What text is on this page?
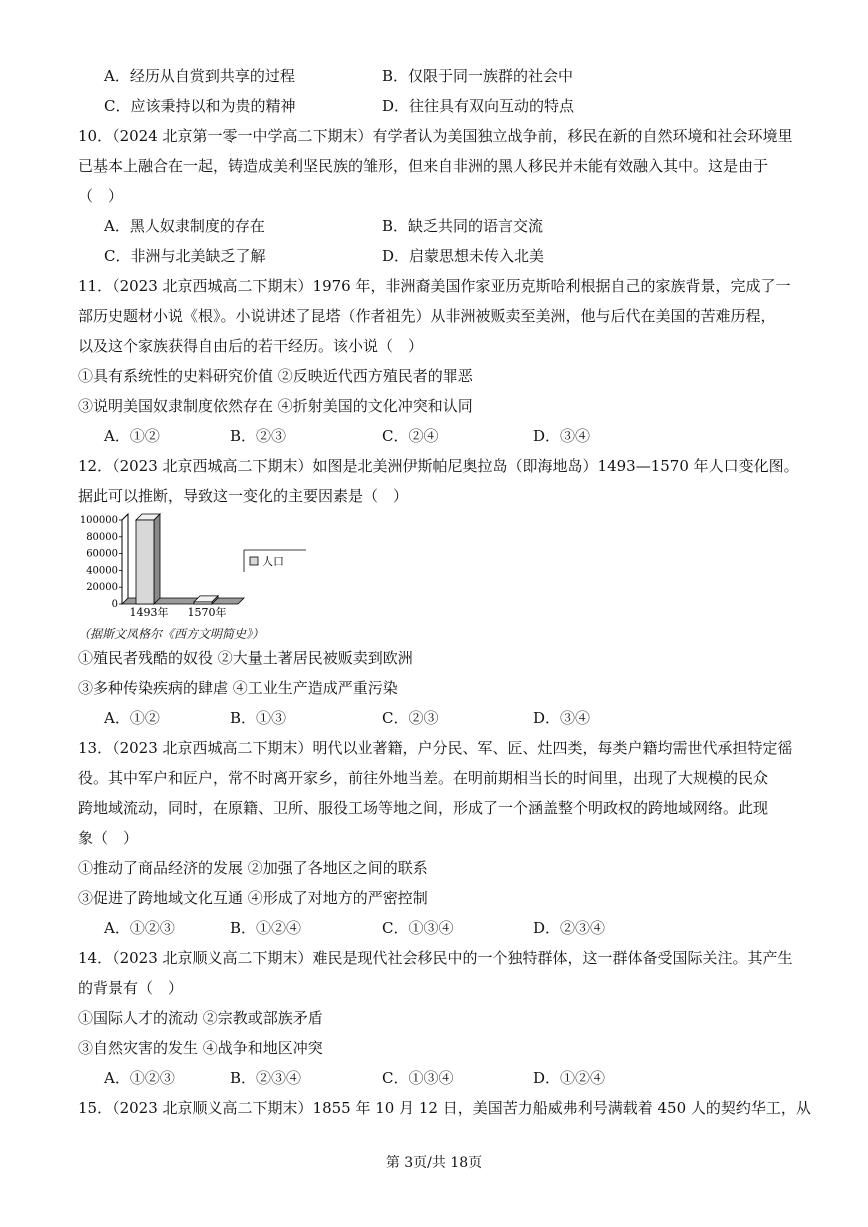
A．经历从自赏到共享的过程	B．仅限于同一族群的社会中
C．应该秉持以和为贵的精神	D．往往具有双向互动的特点
10．（2024 北京第一零一中学高二下期末）有学者认为美国独立战争前，移民在新的自然环境和社会环境里
已基本上融合在一起，铸造成美利坚民族的雏形，但来自非洲的黑人移民并未能有效融入其中。这是由于
（　）
A．黑人奴隶制度的存在	B．缺乏共同的语言交流
C．非洲与北美缺乏了解	D．启蒙思想未传入北美
11．（2023 北京西城高二下期末）1976 年，非洲裔美国作家亚历克斯哈利根据自己的家族背景，完成了一
部历史题材小说《根》。小说讲述了昆塔（作者祖先）从非洲被贩卖至美洲，他与后代在美国的苦难历程，
以及这个家族获得自由后的若干经历。该小说（　）
①具有系统性的史料研究价值 ②反映近代西方殖民者的罪恶
③说明美国奴隶制度依然存在 ④折射美国的文化冲突和认同
A．①②	B．②③	C．②④	D．③④
12．（2023 北京西城高二下期末）如图是北美洲伊斯帕尼奥拉岛（即海地岛）1493—1570 年人口变化图。
据此可以推断，导致这一变化的主要因素是（　）
100000
80000
60000
40000
20000
0
1493年 1570年
人口
（据斯文凤格尔《西方文明简史》）
①殖民者残酷的奴役 ②大量土著居民被贩卖到欧洲
③多种传染疾病的肆虐 ④工业生产造成严重污染
A．①②	B．①③	C．②③	D．③④
13．（2023 北京西城高二下期末）明代以业著籍，户分民、军、匠、灶四类，每类户籍均需世代承担特定徭
役。其中军户和匠户，常不时离开家乡，前往外地当差。在明前期相当长的时间里，出现了大规模的民众
跨地域流动，同时，在原籍、卫所、服役工场等地之间，形成了一个涵盖整个明政权的跨地域网络。此现
象（　）
①推动了商品经济的发展 ②加强了各地区之间的联系
③促进了跨地域文化互通 ④形成了对地方的严密控制
A．①②③	B．①②④	C．①③④	D．②③④
14．（2023 北京顺义高二下期末）难民是现代社会移民中的一个独特群体，这一群体备受国际关注。其产生
的背景有（　）
①国际人才的流动 ②宗教或部族矛盾
③自然灾害的发生 ④战争和地区冲突
A．①②③	B．②③④	C．①③④	D．①②④
15．（2023 北京顺义高二下期末）1855 年 10 月 12 日，美国苦力船威弗利号满载着 450 人的契约华工，从
第 3页/共 18页
